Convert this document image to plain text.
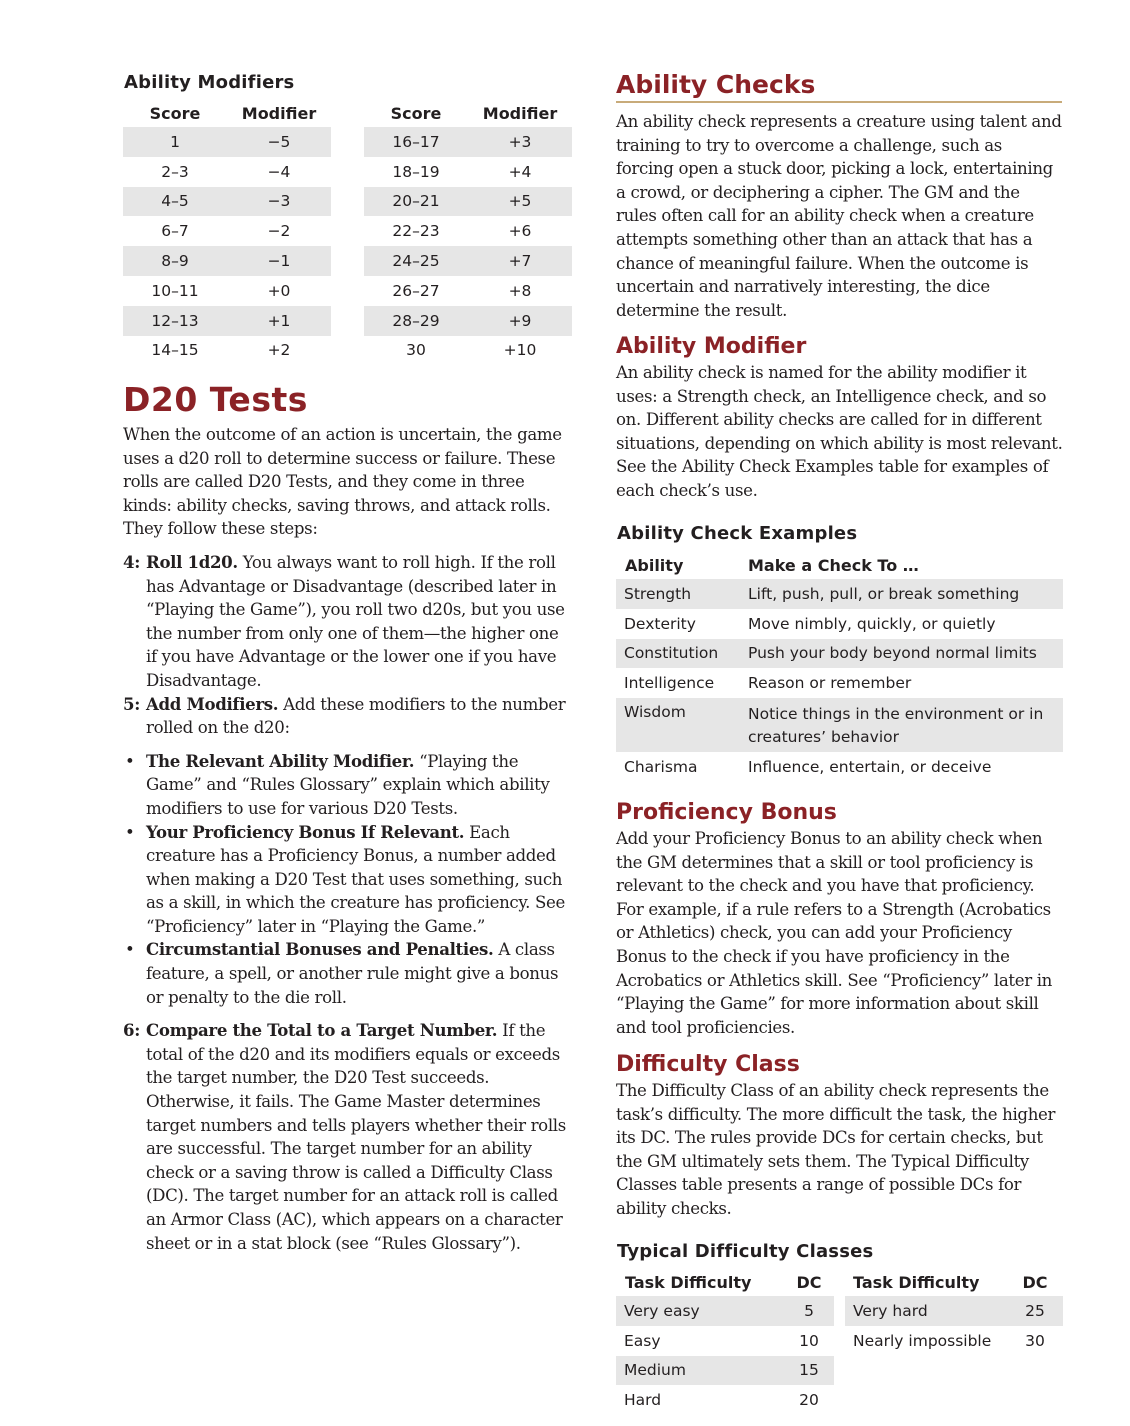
Ability Modifiers
Score	Modifier
1	−5
2–3	−4
4–5	−3
6–7	−2
8–9	−1
10–11	+0
12–13	+1
14–15	+2
Score	Modifier
16–17	+3
18–19	+4
20–21	+5
22–23	+6
24–25	+7
26–27	+8
28–29	+9
30	+10
D20 Tests

When the outcome of an action is uncertain, the game uses a d20 roll to determine success or failure. These rolls are called D20 Tests, and they come in three kinds: ability checks, saving throws, and attack rolls. They follow these steps:

4: Roll 1d20. You always want to roll high. If the roll has Advantage or Disadvantage (described later in “Playing the Game”), you roll two d20s, but you use the number from only one of them—the higher one if you have Advantage or the lower one if you have Disadvantage.

5: Add Modifiers. Add these modifiers to the number rolled on the d20:

• The Relevant Ability Modifier. “Playing the Game” and “Rules Glossary” explain which ability modifiers to use for various D20 Tests.

• Your Proficiency Bonus If Relevant. Each creature has a Proficiency Bonus, a number added when making a D20 Test that uses something, such as a skill, in which the creature has proficiency. See “Proficiency” later in “Playing the Game.”

• Circumstantial Bonuses and Penalties. A class feature, a spell, or another rule might give a bonus or penalty to the die roll.

6: Compare the Total to a Target Number. If the total of the d20 and its modifiers equals or exceeds the target number, the D20 Test succeeds. Otherwise, it fails. The Game Master determines target numbers and tells players whether their rolls are successful. The target number for an ability check or a saving throw is called a Difficulty Class (DC). The target number for an attack roll is called an Armor Class (AC), which appears on a character sheet or in a stat block (see “Rules Glossary”).

Ability Checks

An ability check represents a creature using talent and training to try to overcome a challenge, such as forcing open a stuck door, picking a lock, entertaining a crowd, or deciphering a cipher. The GM and the rules often call for an ability check when a creature attempts something other than an attack that has a chance of meaningful failure. When the outcome is uncertain and narratively interesting, the dice determine the result.

Ability Modifier

An ability check is named for the ability modifier it uses: a Strength check, an Intelligence check, and so on. Different ability checks are called for in different situations, depending on which ability is most relevant. See the Ability Check Examples table for examples of each check’s use.

Ability Check Examples
Ability	Make a Check To …
Strength	Lift, push, pull, or break something
Dexterity	Move nimbly, quickly, or quietly
Constitution	Push your body beyond normal limits
Intelligence	Reason or remember
Wisdom	Notice things in the environment or in creatures’ behavior
Charisma	Influence, entertain, or deceive
Proficiency Bonus

Add your Proficiency Bonus to an ability check when the GM determines that a skill or tool proficiency is relevant to the check and you have that proficiency. For example, if a rule refers to a Strength (Acrobatics or Athletics) check, you can add your Proficiency Bonus to the check if you have proficiency in the Acrobatics or Athletics skill. See “Proficiency” later in “Playing the Game” for more information about skill and tool proficiencies.

Difficulty Class

The Difficulty Class of an ability check represents the task’s difficulty. The more difficult the task, the higher its DC. The rules provide DCs for certain checks, but the GM ultimately sets them. The Typical Difficulty Classes table presents a range of possible DCs for ability checks.

Typical Difficulty Classes
Task Difficulty	DC
Very easy	5
Easy	10
Medium	15
Hard	20
Task Difficulty	DC
Very hard	25
Nearly impossible	30
